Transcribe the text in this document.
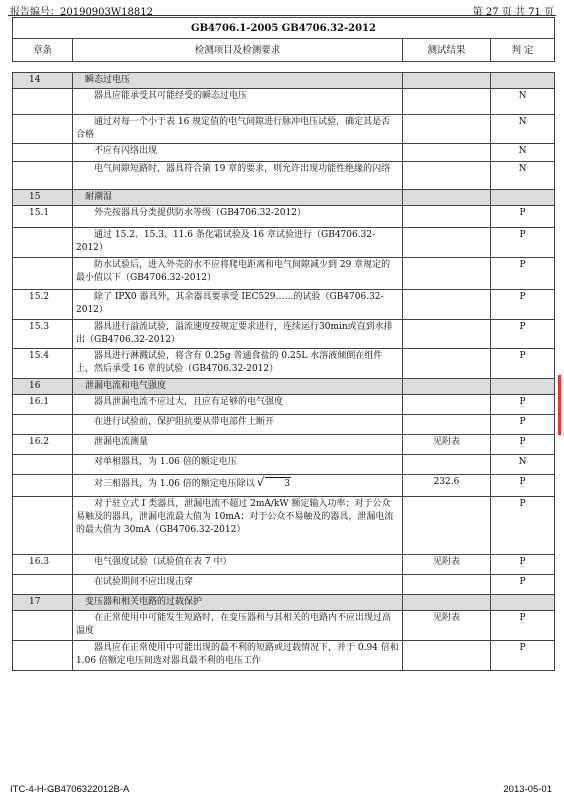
报告编号：20190903W18812	第 27 页 共 71 页
GB4706.1-2005 GB4706.32-2012
章条	检测项目及检测要求	测试结果	判 定
14	瞬态过电压		
	器具应能承受其可能经受的瞬态过电压		N
	通过对每一个小于表 16 规定值的电气间隙进行脉冲电压试验，确定其是否合格		N
	不应有闪络出现		N
	电气间隙短路时，器具符合第 19 章的要求，则允许出现功能性绝缘的闪络		N
15	耐潮湿		
15.1	外壳按器具分类提供防水等级（GB4706.32-2012）		P
	通过 15.2、15.3、11.6 条化霜试验及 16 章试验进行（GB4706.32-2012）		P
	防水试验后，进入外壳的水不应将爬电距离和电气间隙减少到 29 章规定的最小值以下（GB4706.32-2012）		P
15.2	除了 IPX0 器具外，其余器具要承受 IEC529……的试验（GB4706.32-2012）		P
15.3	器具进行溢流试验，溢流速度按规定要求进行，连续运行30min或直到水排出（GB4706.32-2012）		P
15.4	器具进行淋溅试验，将含有 0.25g 普通食盐的 0.25L 水溶液倾倒在组件上，然后承受 16 章的试验（GB4706.32-2012）		P
16	泄漏电流和电气强度		
16.1	器具泄漏电流不应过大，且应有足够的电气强度		P
	在进行试验前，保护阻抗要从带电部件上断开		P
16.2	泄漏电流测量	见附表	P
	对单相器具，为 1.06 倍的额定电压		N
	对三相器具，为 1.06 倍的额定电压除以 √ 3	232.6	P
	对于驻立式 I 类器具，泄漏电流不超过 2mA/kW 额定输入功率；对于公众易触及的器具，泄漏电流最大值为 10mA；对于公众不易触及的器具，泄漏电流的最大值为 30mA（GB4706.32-2012）		P
16.3	电气强度试验（试验值在表 7 中）	见附表	P
	在试验期间不应出现击穿		P
17	变压器和相关电路的过载保护		
	在正常使用中可能发生短路时，在变压器和与其相关的电路内不应出现过高温度	见附表	P
	器具应在正常使用中可能出现的最不利的短路或过载情况下，并于 0.94 倍和 1.06 倍额定电压间选对器具最不利的电压工作		P
ITC-4-H-GB4706322012B-A	2013-05-01
